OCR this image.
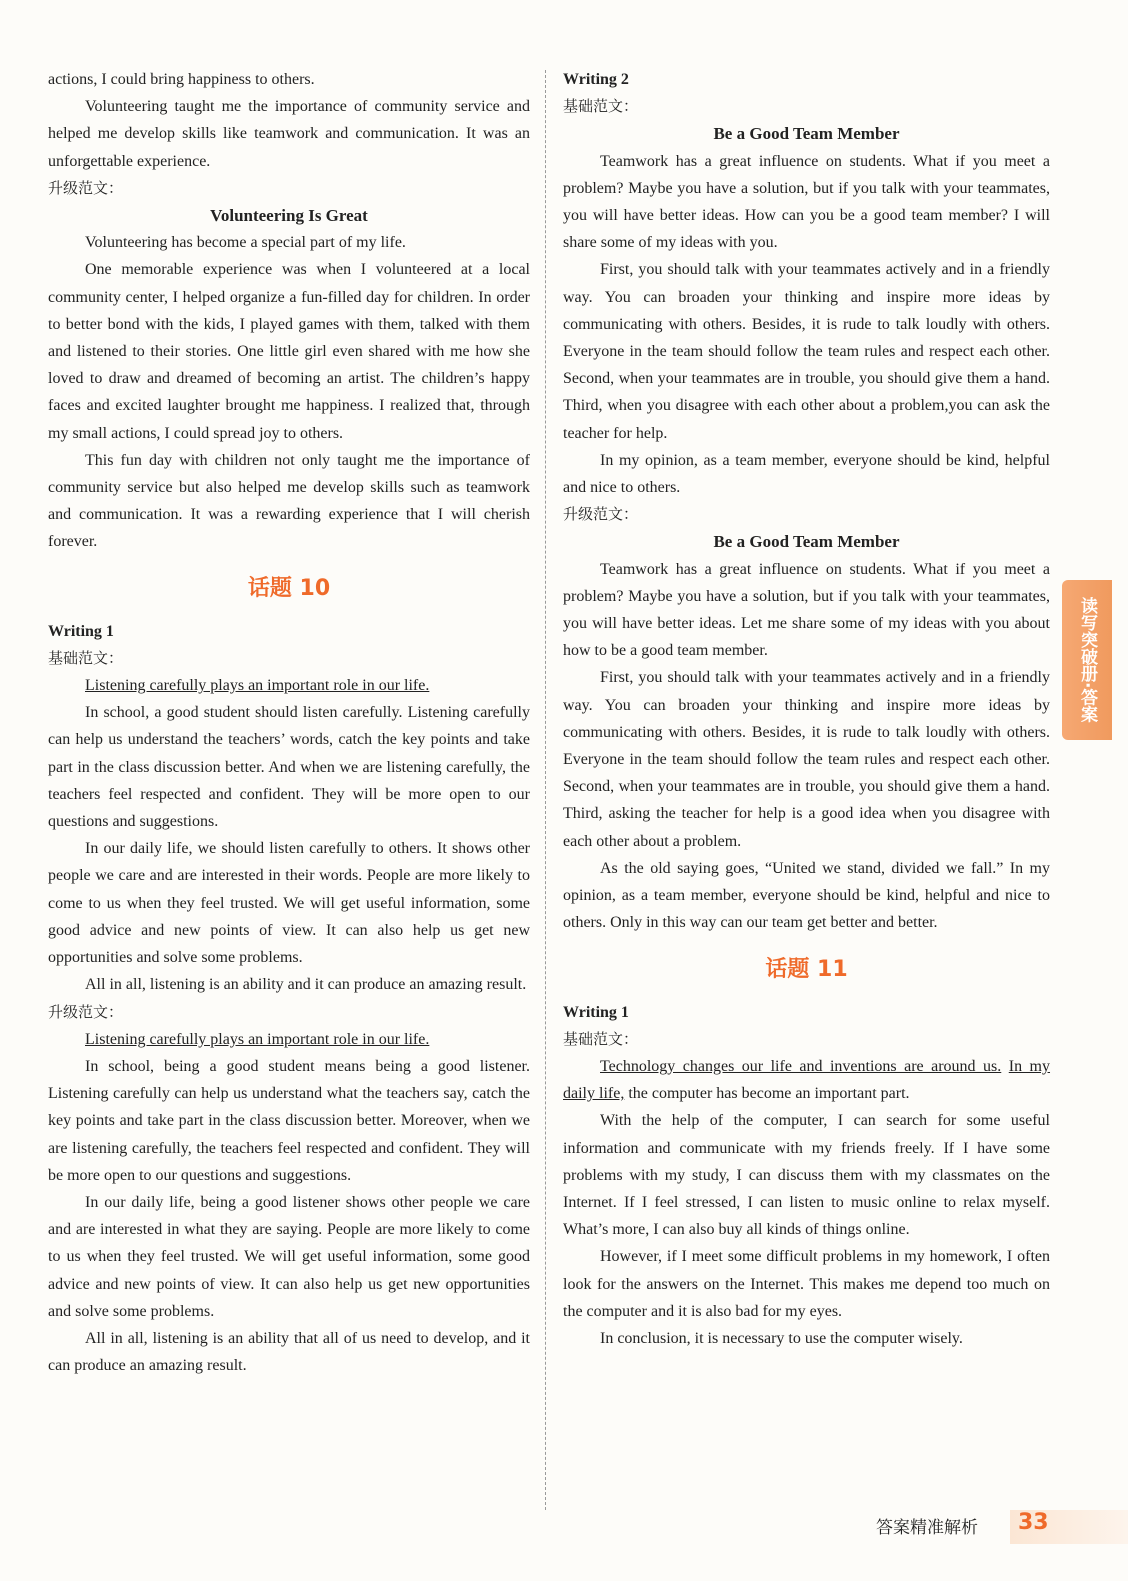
actions, I could bring happiness to others.

Volunteering taught me the importance of community service and helped me develop skills like teamwork and communication. It was an unforgettable experience.

升级范文：

Volunteering Is Great

Volunteering has become a special part of my life.

One memorable experience was when I volunteered at a local community center, I helped organize a fun-filled day for children. In order to better bond with the kids, I played games with them, talked with them and listened to their stories. One little girl even shared with me how she loved to draw and dreamed of becoming an artist. The children’s happy faces and excited laughter brought me happiness. I realized that, through my small actions, I could spread joy to others.

This fun day with children not only taught me the importance of community service but also helped me develop skills such as teamwork and communication. It was a rewarding experience that I will cherish forever.

话题 10

Writing 1

基础范文：

Listening carefully plays an important role in our life.

In school, a good student should listen carefully. Listening carefully can help us understand the teachers’ words, catch the key points and take part in the class discussion better. And when we are listening carefully, the teachers feel respected and confident. They will be more open to our questions and suggestions.

In our daily life, we should listen carefully to others. It shows other people we care and are interested in their words. People are more likely to come to us when they feel trusted. We will get useful information, some good advice and new points of view. It can also help us get new opportunities and solve some problems.

All in all, listening is an ability and it can produce an amazing result.

升级范文：

Listening carefully plays an important role in our life.

In school, being a good student means being a good listener. Listening carefully can help us understand what the teachers say, catch the key points and take part in the class discussion better. Moreover, when we are listening carefully, the teachers feel respected and confident. They will be more open to our questions and suggestions.

In our daily life, being a good listener shows other people we care and are interested in what they are saying. People are more likely to come to us when they feel trusted. We will get useful information, some good advice and new points of view. It can also help us get new opportunities and solve some problems.

All in all, listening is an ability that all of us need to develop, and it can produce an amazing result.

Writing 2

基础范文：

Be a Good Team Member

Teamwork has a great influence on students. What if you meet a problem? Maybe you have a solution, but if you talk with your teammates, you will have better ideas. How can you be a good team member? I will share some of my ideas with you.

First, you should talk with your teammates actively and in a friendly way. You can broaden your thinking and inspire more ideas by communicating with others. Besides, it is rude to talk loudly with others. Everyone in the team should follow the team rules and respect each other. Second, when your teammates are in trouble, you should give them a hand. Third, when you disagree with each other about a problem,you can ask the teacher for help.

In my opinion, as a team member, everyone should be kind, helpful and nice to others.

升级范文：

Be a Good Team Member

Teamwork has a great influence on students. What if you meet a problem? Maybe you have a solution, but if you talk with your teammates, you will have better ideas. Let me share some of my ideas with you about how to be a good team member.

First, you should talk with your teammates actively and in a friendly way. You can broaden your thinking and inspire more ideas by communicating with others. Besides, it is rude to talk loudly with others. Everyone in the team should follow the team rules and respect each other. Second, when your teammates are in trouble, you should give them a hand. Third, asking the teacher for help is a good idea when you disagree with each other about a problem.

As the old saying goes, “United we stand, divided we fall.” In my opinion, as a team member, everyone should be kind, helpful and nice to others. Only in this way can our team get better and better.

话题 11

Writing 1

基础范文：

Technology changes our life and inventions are around us. In my daily life, the computer has become an important part.

With the help of the computer, I can search for some useful information and communicate with my friends freely. If I have some problems with my study, I can discuss them with my classmates on the Internet. If I feel stressed, I can listen to music online to relax myself. What’s more, I can also buy all kinds of things online.

However, if I meet some difficult problems in my homework, I often look for the answers on the Internet. This makes me depend too much on the computer and it is also bad for my eyes.

In conclusion, it is necessary to use the computer wisely.

读写突破册·答案
答案精准解析 33
